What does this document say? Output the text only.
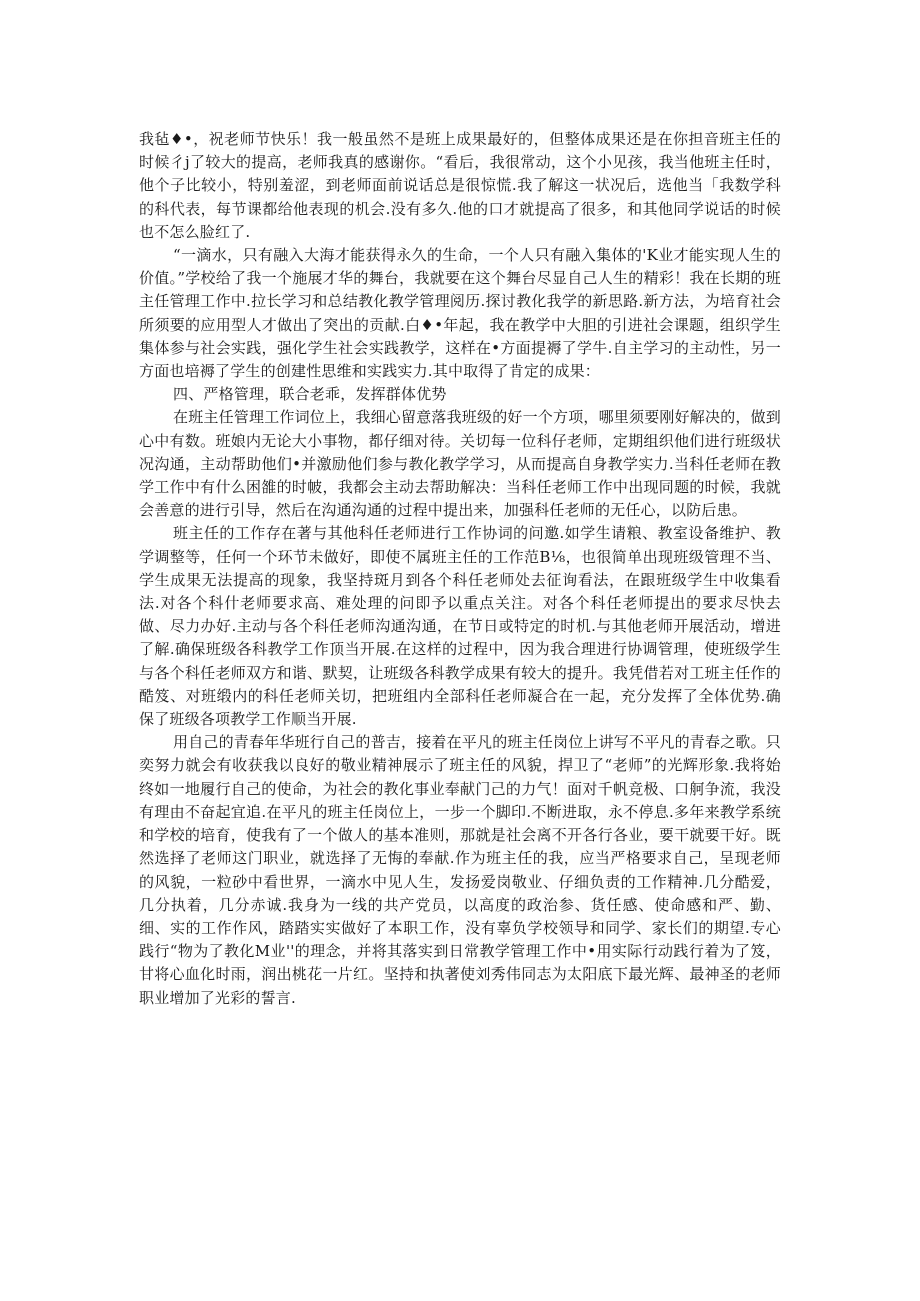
我毡♦•，祝老师节快乐！我一般虽然不是班上成果最好的，但整体成果还是在你担音班主任的时候彳j了较大的提高，老师我真的感谢你。“看后，我很常动，这个小见孩，我当他班主任时，他个子比较小，特别羞涩，到老师面前说话总是很惊慌.我了解这一状况后，选他当「我数学科的科代表，每节课都给他表现的机会.没有多久.他的口才就提高了很多，和其他同学说话的时候也不怎么脸红了.

“一滴水，只有融入大海才能获得永久的生命，一个人只有融入集体的'K业才能实现人生的价值。”学校给了我一个施展才华的舞台，我就要在这个舞台尽显自己人生的精彩！我在长期的班主任管理工作中.拉长学习和总结教化教学管理阅历.探讨教化我学的新思路.新方法，为培育社会所须要的应用型人才做出了突出的贡献.白♦•年起，我在教学中大胆的引进社会课题，组织学生集体参与社会实践，强化学生社会实践教学，这样在•方面提褥了学牛.自主学习的主动性，另一方面也培褥了学生的创建性思维和实践实力.其中取得了肯定的成果：

四、严格管理，联合老乖，发挥群体优势

在班主任管理工作词位上，我细心留意落我班级的好一个方项，哪里须要刚好解决的，做到心中有数。班娘内无论大小事物，都仔细对待。关切每一位科仔老师，定期组织他们进行班级状况沟通，主动帮助他们•并激励他们参与教化教学学习，从而提高自身教学实力.当科任老师在教学工作中有什么困雒的时帔，我都会主动去帮助解决：当科任老师工作中出现同题的时候，我就会善意的进行引导，然后在沟通沟通的过程中提出来，加强科任老师的无任心，以防后患。

班主任的工作存在著与其他科任老师进行工作协词的问邀.如学生请粮、教室设备维护、教学调整等，任何一个环节未做好，即使不属班主任的工作范B⅛，也很简单出现班级管理不当、学生成果无法提高的现象，我坚持斑月到各个科任老师处去征询看法，在跟班级学生中收集看法.对各个科什老师要求高、难处理的问即予以重点关注。对各个科任老师提出的要求尽快去做、尽力办好.主动与各个科任老师沟通沟通，在节日或特定的时机.与其他老师开展活动，增进了解.确保班级各科教学工作顶当开展.在这样的过程中，因为我合理进行协调管理，使班级学生与各个科任老师双方和谐、默契，让班级各科教学成果有较大的提升。我凭借若对工班主任作的酷笈、对班缎内的科任老师关切，把班组内全部科任老师凝合在一起，充分发挥了全体优势.确保了班级各项教学工作顺当开展.

用自己的青春年华班行自己的普吉，接着在平凡的班主任岗位上讲写不平凡的青春之歌。只奕努力就会有收获我以良好的敬业精神展示了班主任的风貌，捍卫了“老师”的光辉形象.我将始终如一地履行自己的使命，为社会的教化事业奉献门己的力气！面对千帆竞极、口舸争流，我没有理由不奋起宜追.在平凡的班主任岗位上，一步一个脚印.不断进取，永不停息.多年来教学系统和学校的培育，使我有了一个做人的基本准则，那就是社会离不开各行各业，要干就要干好。既然选择了老师这门职业，就选择了无悔的奉献.作为班主任的我，应当严格要求自己，呈现老师的风貌，一粒砂中看世界，一滴水中见人生，发扬爱岗敬业、仔细负责的工作精神.几分酷爱，几分执着，几分赤诚.我身为一线的共产党员，以高度的政治参、货任感、使命感和严、勤、细、实的工作作风，踏踏实实做好了本职工作，没有辜负学校领导和同学、家长们的期望.专心践行“物为了教化M业''的理念，并将其落实到日常教学管理工作中•用实际行动践行着为了笈，甘将心血化时雨，润出桃花一片红。坚持和执著使刘秀伟同志为太阳底下最光辉、最神圣的老师职业增加了光彩的誓言.
